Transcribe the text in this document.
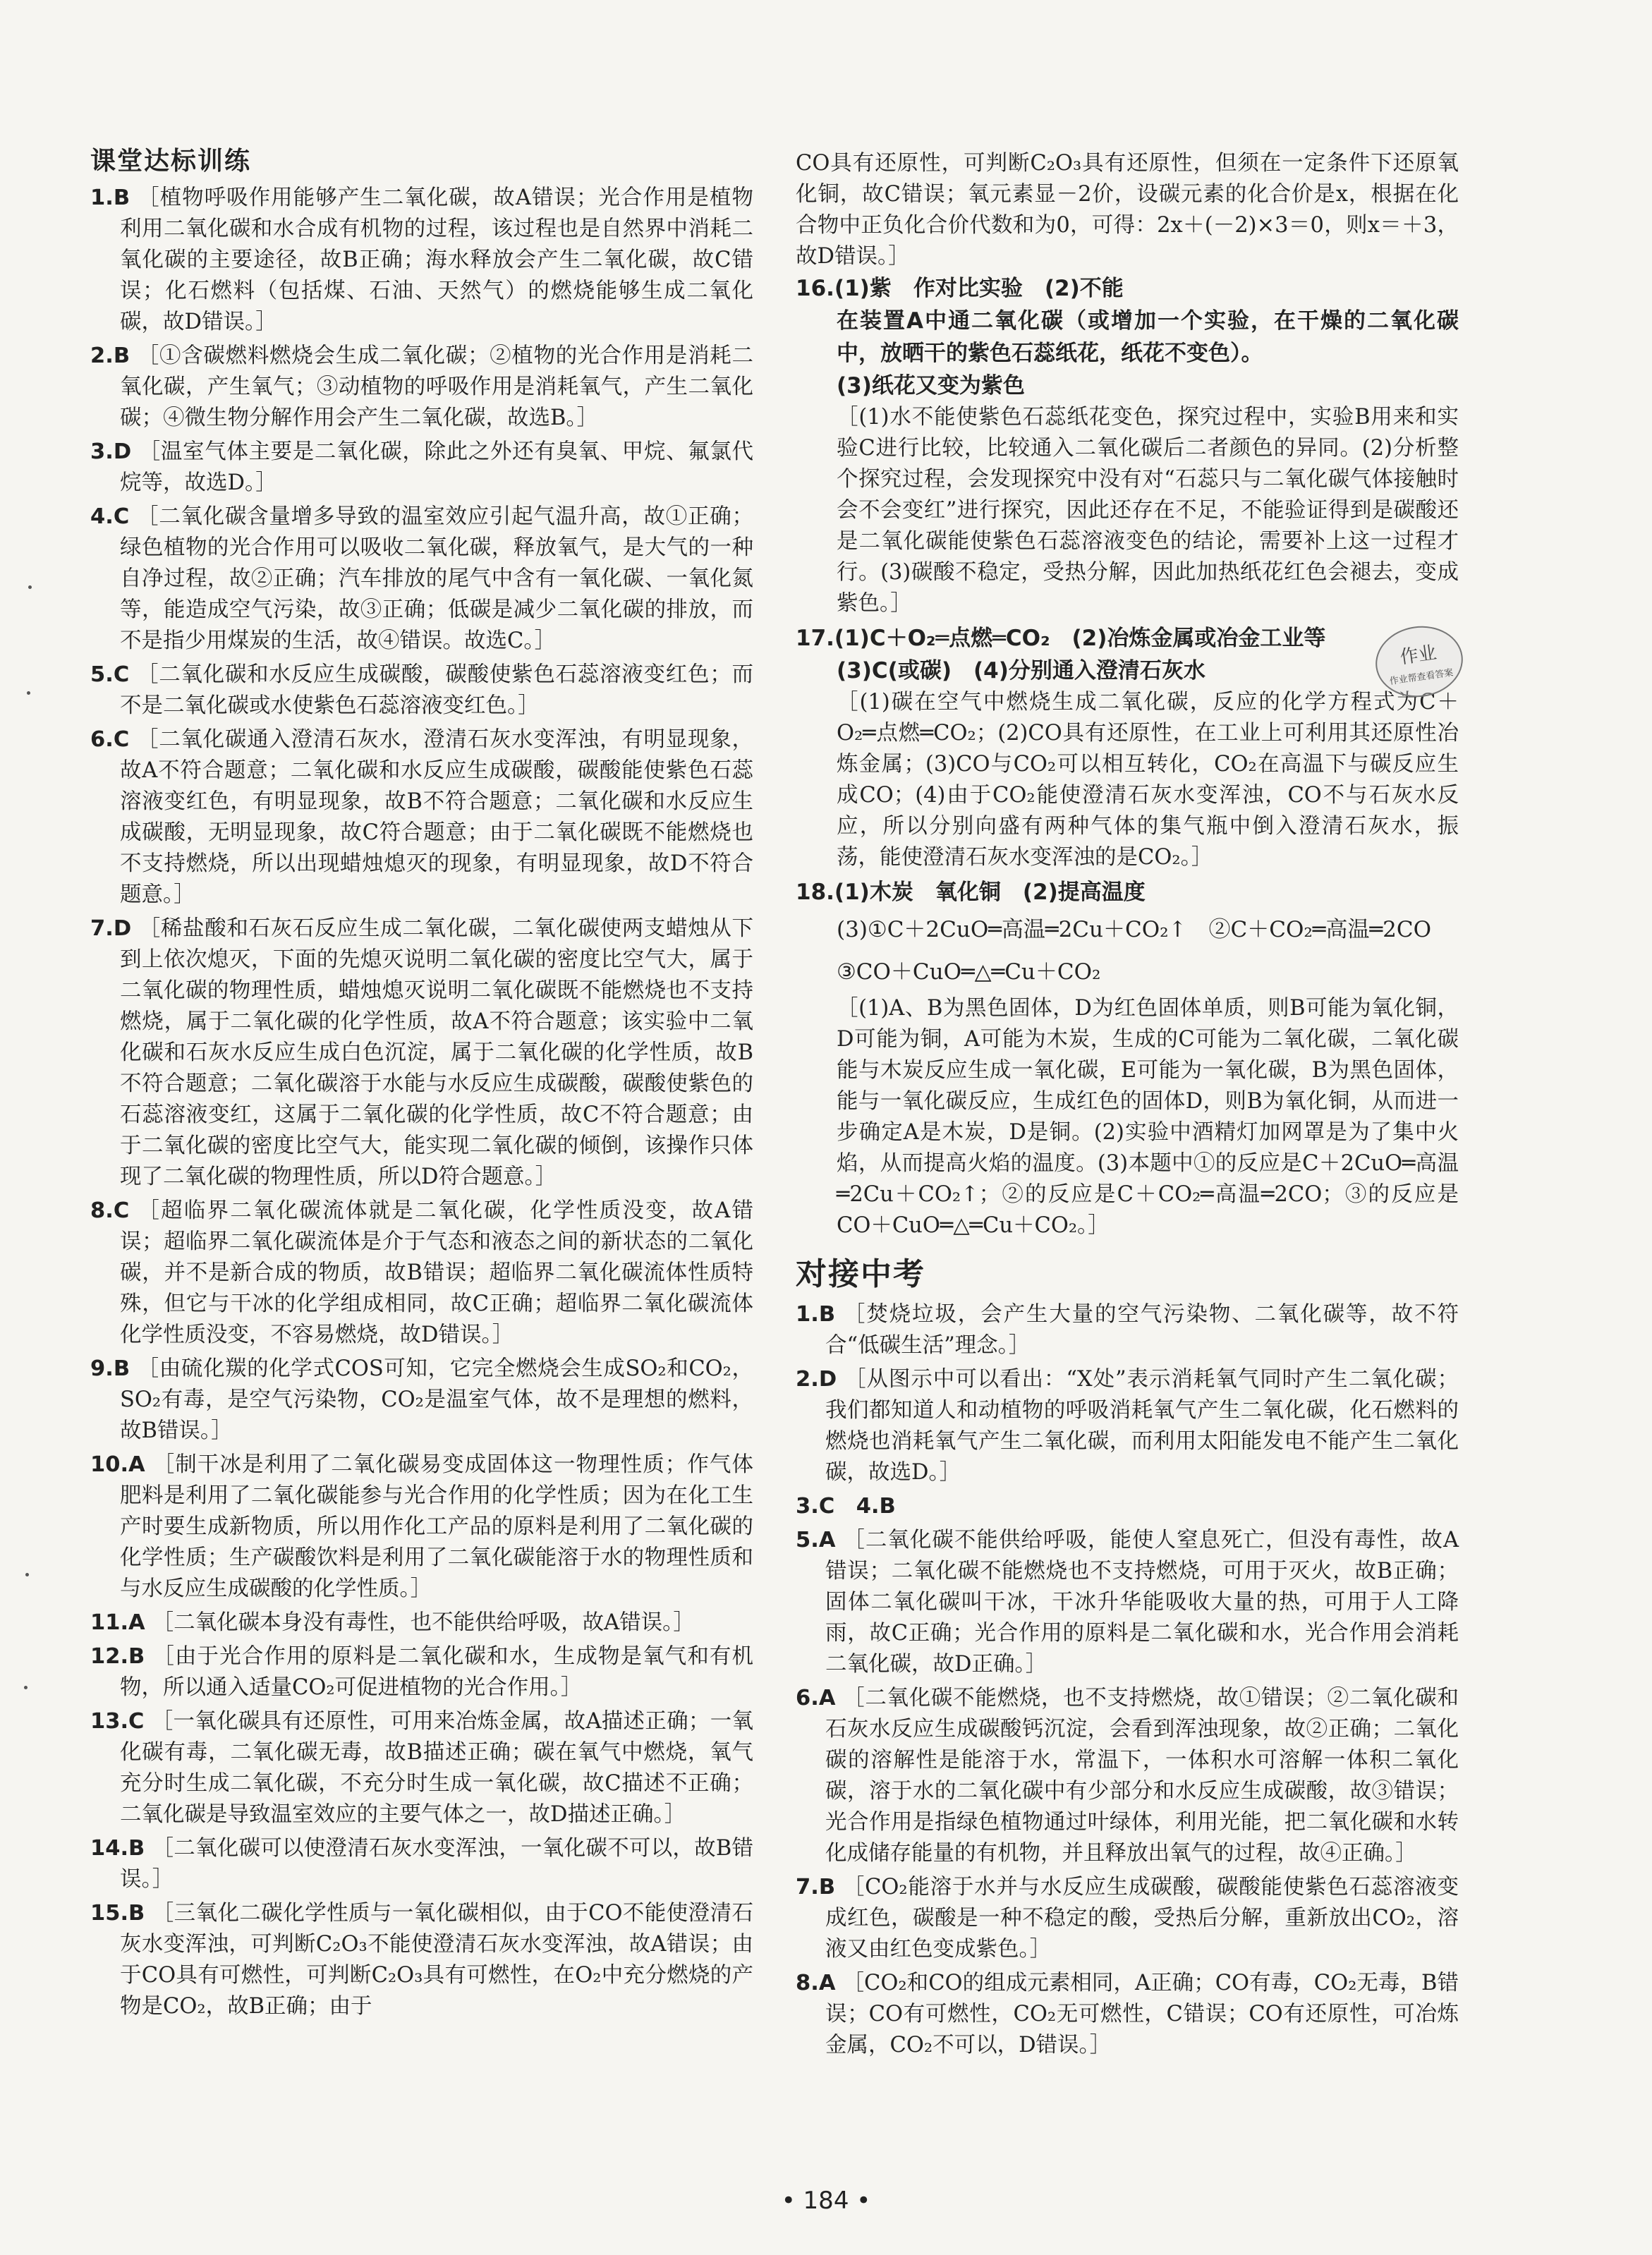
课堂达标训练
1.B ［植物呼吸作用能够产生二氧化碳，故A错误；光合作用是植物利用二氧化碳和水合成有机物的过程，该过程也是自然界中消耗二氧化碳的主要途径，故B正确；海水释放会产生二氧化碳，故C错误；化石燃料（包括煤、石油、天然气）的燃烧能够生成二氧化碳，故D错误。］
2.B ［①含碳燃料燃烧会生成二氧化碳；②植物的光合作用是消耗二氧化碳，产生氧气；③动植物的呼吸作用是消耗氧气，产生二氧化碳；④微生物分解作用会产生二氧化碳，故选B。］
3.D ［温室气体主要是二氧化碳，除此之外还有臭氧、甲烷、氟氯代烷等，故选D。］
4.C ［二氧化碳含量增多导致的温室效应引起气温升高，故①正确；绿色植物的光合作用可以吸收二氧化碳，释放氧气，是大气的一种自净过程，故②正确；汽车排放的尾气中含有一氧化碳、一氧化氮等，能造成空气污染，故③正确；低碳是减少二氧化碳的排放，而不是指少用煤炭的生活，故④错误。故选C。］
5.C ［二氧化碳和水反应生成碳酸，碳酸使紫色石蕊溶液变红色；而不是二氧化碳或水使紫色石蕊溶液变红色。］
6.C ［二氧化碳通入澄清石灰水，澄清石灰水变浑浊，有明显现象，故A不符合题意；二氧化碳和水反应生成碳酸，碳酸能使紫色石蕊溶液变红色，有明显现象，故B不符合题意；二氧化碳和水反应生成碳酸，无明显现象，故C符合题意；由于二氧化碳既不能燃烧也不支持燃烧，所以出现蜡烛熄灭的现象，有明显现象，故D不符合题意。］
7.D ［稀盐酸和石灰石反应生成二氧化碳，二氧化碳使两支蜡烛从下到上依次熄灭，下面的先熄灭说明二氧化碳的密度比空气大，属于二氧化碳的物理性质，蜡烛熄灭说明二氧化碳既不能燃烧也不支持燃烧，属于二氧化碳的化学性质，故A不符合题意；该实验中二氧化碳和石灰水反应生成白色沉淀，属于二氧化碳的化学性质，故B不符合题意；二氧化碳溶于水能与水反应生成碳酸，碳酸使紫色的石蕊溶液变红，这属于二氧化碳的化学性质，故C不符合题意；由于二氧化碳的密度比空气大，能实现二氧化碳的倾倒，该操作只体现了二氧化碳的物理性质，所以D符合题意。］
8.C ［超临界二氧化碳流体就是二氧化碳，化学性质没变，故A错误；超临界二氧化碳流体是介于气态和液态之间的新状态的二氧化碳，并不是新合成的物质，故B错误；超临界二氧化碳流体性质特殊，但它与干冰的化学组成相同，故C正确；超临界二氧化碳流体化学性质没变，不容易燃烧，故D错误。］
9.B ［由硫化羰的化学式COS可知，它完全燃烧会生成SO₂和CO₂，SO₂有毒，是空气污染物，CO₂是温室气体，故不是理想的燃料，故B错误。］
10.A ［制干冰是利用了二氧化碳易变成固体这一物理性质；作气体肥料是利用了二氧化碳能参与光合作用的化学性质；因为在化工生产时要生成新物质，所以用作化工产品的原料是利用了二氧化碳的化学性质；生产碳酸饮料是利用了二氧化碳能溶于水的物理性质和与水反应生成碳酸的化学性质。］
11.A ［二氧化碳本身没有毒性，也不能供给呼吸，故A错误。］
12.B ［由于光合作用的原料是二氧化碳和水，生成物是氧气和有机物，所以通入适量CO₂可促进植物的光合作用。］
13.C ［一氧化碳具有还原性，可用来冶炼金属，故A描述正确；一氧化碳有毒，二氧化碳无毒，故B描述正确；碳在氧气中燃烧，氧气充分时生成二氧化碳，不充分时生成一氧化碳，故C描述不正确；二氧化碳是导致温室效应的主要气体之一，故D描述正确。］
14.B ［二氧化碳可以使澄清石灰水变浑浊，一氧化碳不可以，故B错误。］
15.B ［三氧化二碳化学性质与一氧化碳相似，由于CO不能使澄清石灰水变浑浊，可判断C₂O₃不能使澄清石灰水变浑浊，故A错误；由于CO具有可燃性，可判断C₂O₃具有可燃性，在O₂中充分燃烧的产物是CO₂，故B正确；由于
CO具有还原性，可判断C₂O₃具有还原性，但须在一定条件下还原氧化铜，故C错误；氧元素显－2价，设碳元素的化合价是x，根据在化合物中正负化合价代数和为0，可得：2x＋(－2)×3＝0，则x＝＋3，故D错误。］
16.(1)紫　作对比实验　(2)不能
在装置A中通二氧化碳（或增加一个实验，在干燥的二氧化碳中，放晒干的紫色石蕊纸花，纸花不变色）。
(3)纸花又变为紫色
［(1)水不能使紫色石蕊纸花变色，探究过程中，实验B用来和实验C进行比较，比较通入二氧化碳后二者颜色的异同。(2)分析整个探究过程，会发现探究中没有对“石蕊只与二氧化碳气体接触时会不会变红”进行探究，因此还存在不足，不能验证得到是碳酸还是二氧化碳能使紫色石蕊溶液变色的结论，需要补上这一过程才行。(3)碳酸不稳定，受热分解，因此加热纸花红色会褪去，变成紫色。］
17.(1)C＋O₂═点燃═CO₂　(2)冶炼金属或冶金工业等
(3)C(或碳)　(4)分别通入澄清石灰水
［(1)碳在空气中燃烧生成二氧化碳，反应的化学方程式为C＋O₂═点燃═CO₂；(2)CO具有还原性，在工业上可利用其还原性冶炼金属；(3)CO与CO₂可以相互转化，CO₂在高温下与碳反应生成CO；(4)由于CO₂能使澄清石灰水变浑浊，CO不与石灰水反应，所以分别向盛有两种气体的集气瓶中倒入澄清石灰水，振荡，能使澄清石灰水变浑浊的是CO₂。］
18.(1)木炭　氧化铜　(2)提高温度
(3)①C＋2CuO═高温═2Cu＋CO₂↑　②C＋CO₂═高温═2CO
③CO＋CuO═△═Cu＋CO₂
［(1)A、B为黑色固体，D为红色固体单质，则B可能为氧化铜，D可能为铜，A可能为木炭，生成的C可能为二氧化碳，二氧化碳能与木炭反应生成一氧化碳，E可能为一氧化碳，B为黑色固体，能与一氧化碳反应，生成红色的固体D，则B为氧化铜，从而进一步确定A是木炭，D是铜。(2)实验中酒精灯加网罩是为了集中火焰，从而提高火焰的温度。(3)本题中①的反应是C＋2CuO═高温═2Cu＋CO₂↑；②的反应是C＋CO₂═高温═2CO；③的反应是CO＋CuO═△═Cu＋CO₂。］
对接中考
1.B ［焚烧垃圾，会产生大量的空气污染物、二氧化碳等，故不符合“低碳生活”理念。］
2.D ［从图示中可以看出：“X处”表示消耗氧气同时产生二氧化碳；我们都知道人和动植物的呼吸消耗氧气产生二氧化碳，化石燃料的燃烧也消耗氧气产生二氧化碳，而利用太阳能发电不能产生二氧化碳，故选D。］
3.C　4.B
5.A ［二氧化碳不能供给呼吸，能使人窒息死亡，但没有毒性，故A错误；二氧化碳不能燃烧也不支持燃烧，可用于灭火，故B正确；固体二氧化碳叫干冰，干冰升华能吸收大量的热，可用于人工降雨，故C正确；光合作用的原料是二氧化碳和水，光合作用会消耗二氧化碳，故D正确。］
6.A ［二氧化碳不能燃烧，也不支持燃烧，故①错误；②二氧化碳和石灰水反应生成碳酸钙沉淀，会看到浑浊现象，故②正确；二氧化碳的溶解性是能溶于水，常温下，一体积水可溶解一体积二氧化碳，溶于水的二氧化碳中有少部分和水反应生成碳酸，故③错误；光合作用是指绿色植物通过叶绿体，利用光能，把二氧化碳和水转化成储存能量的有机物，并且释放出氧气的过程，故④正确。］
7.B ［CO₂能溶于水并与水反应生成碳酸，碳酸能使紫色石蕊溶液变成红色，碳酸是一种不稳定的酸，受热后分解，重新放出CO₂，溶液又由红色变成紫色。］
8.A ［CO₂和CO的组成元素相同，A正确；CO有毒，CO₂无毒，B错误；CO有可燃性，CO₂无可燃性，C错误；CO有还原性，可冶炼金属，CO₂不可以，D错误。］
作业
作业帮查看答案
• 184 •
